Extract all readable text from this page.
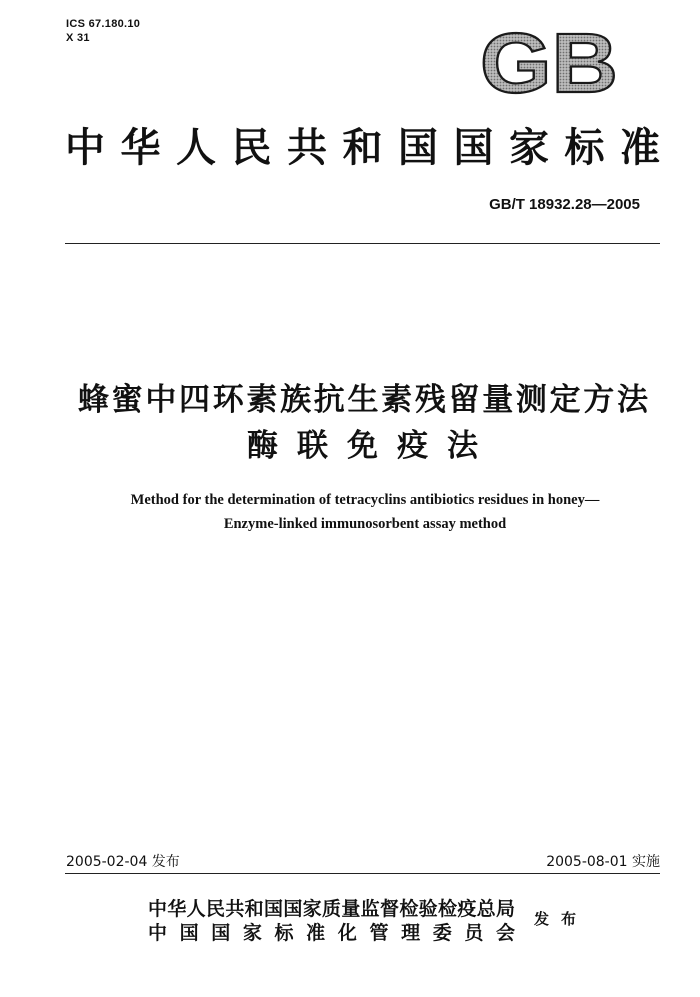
ICS 67.180.10
X 31	GB
中华人民共和国国家标准
GB/T 18932.28—2005
蜂蜜中四环素族抗生素残留量测定方法
酶 联 免 疫 法
Method for the determination of tetracyclins antibiotics residues in honey—
Enzyme-linked immunosorbent assay method
2005-02-04 发布	2005-08-01 实施
中华人民共和国国家质量监督检验检疫总局
中 国 国 家 标 准 化 管 理 委 员 会
发 布
